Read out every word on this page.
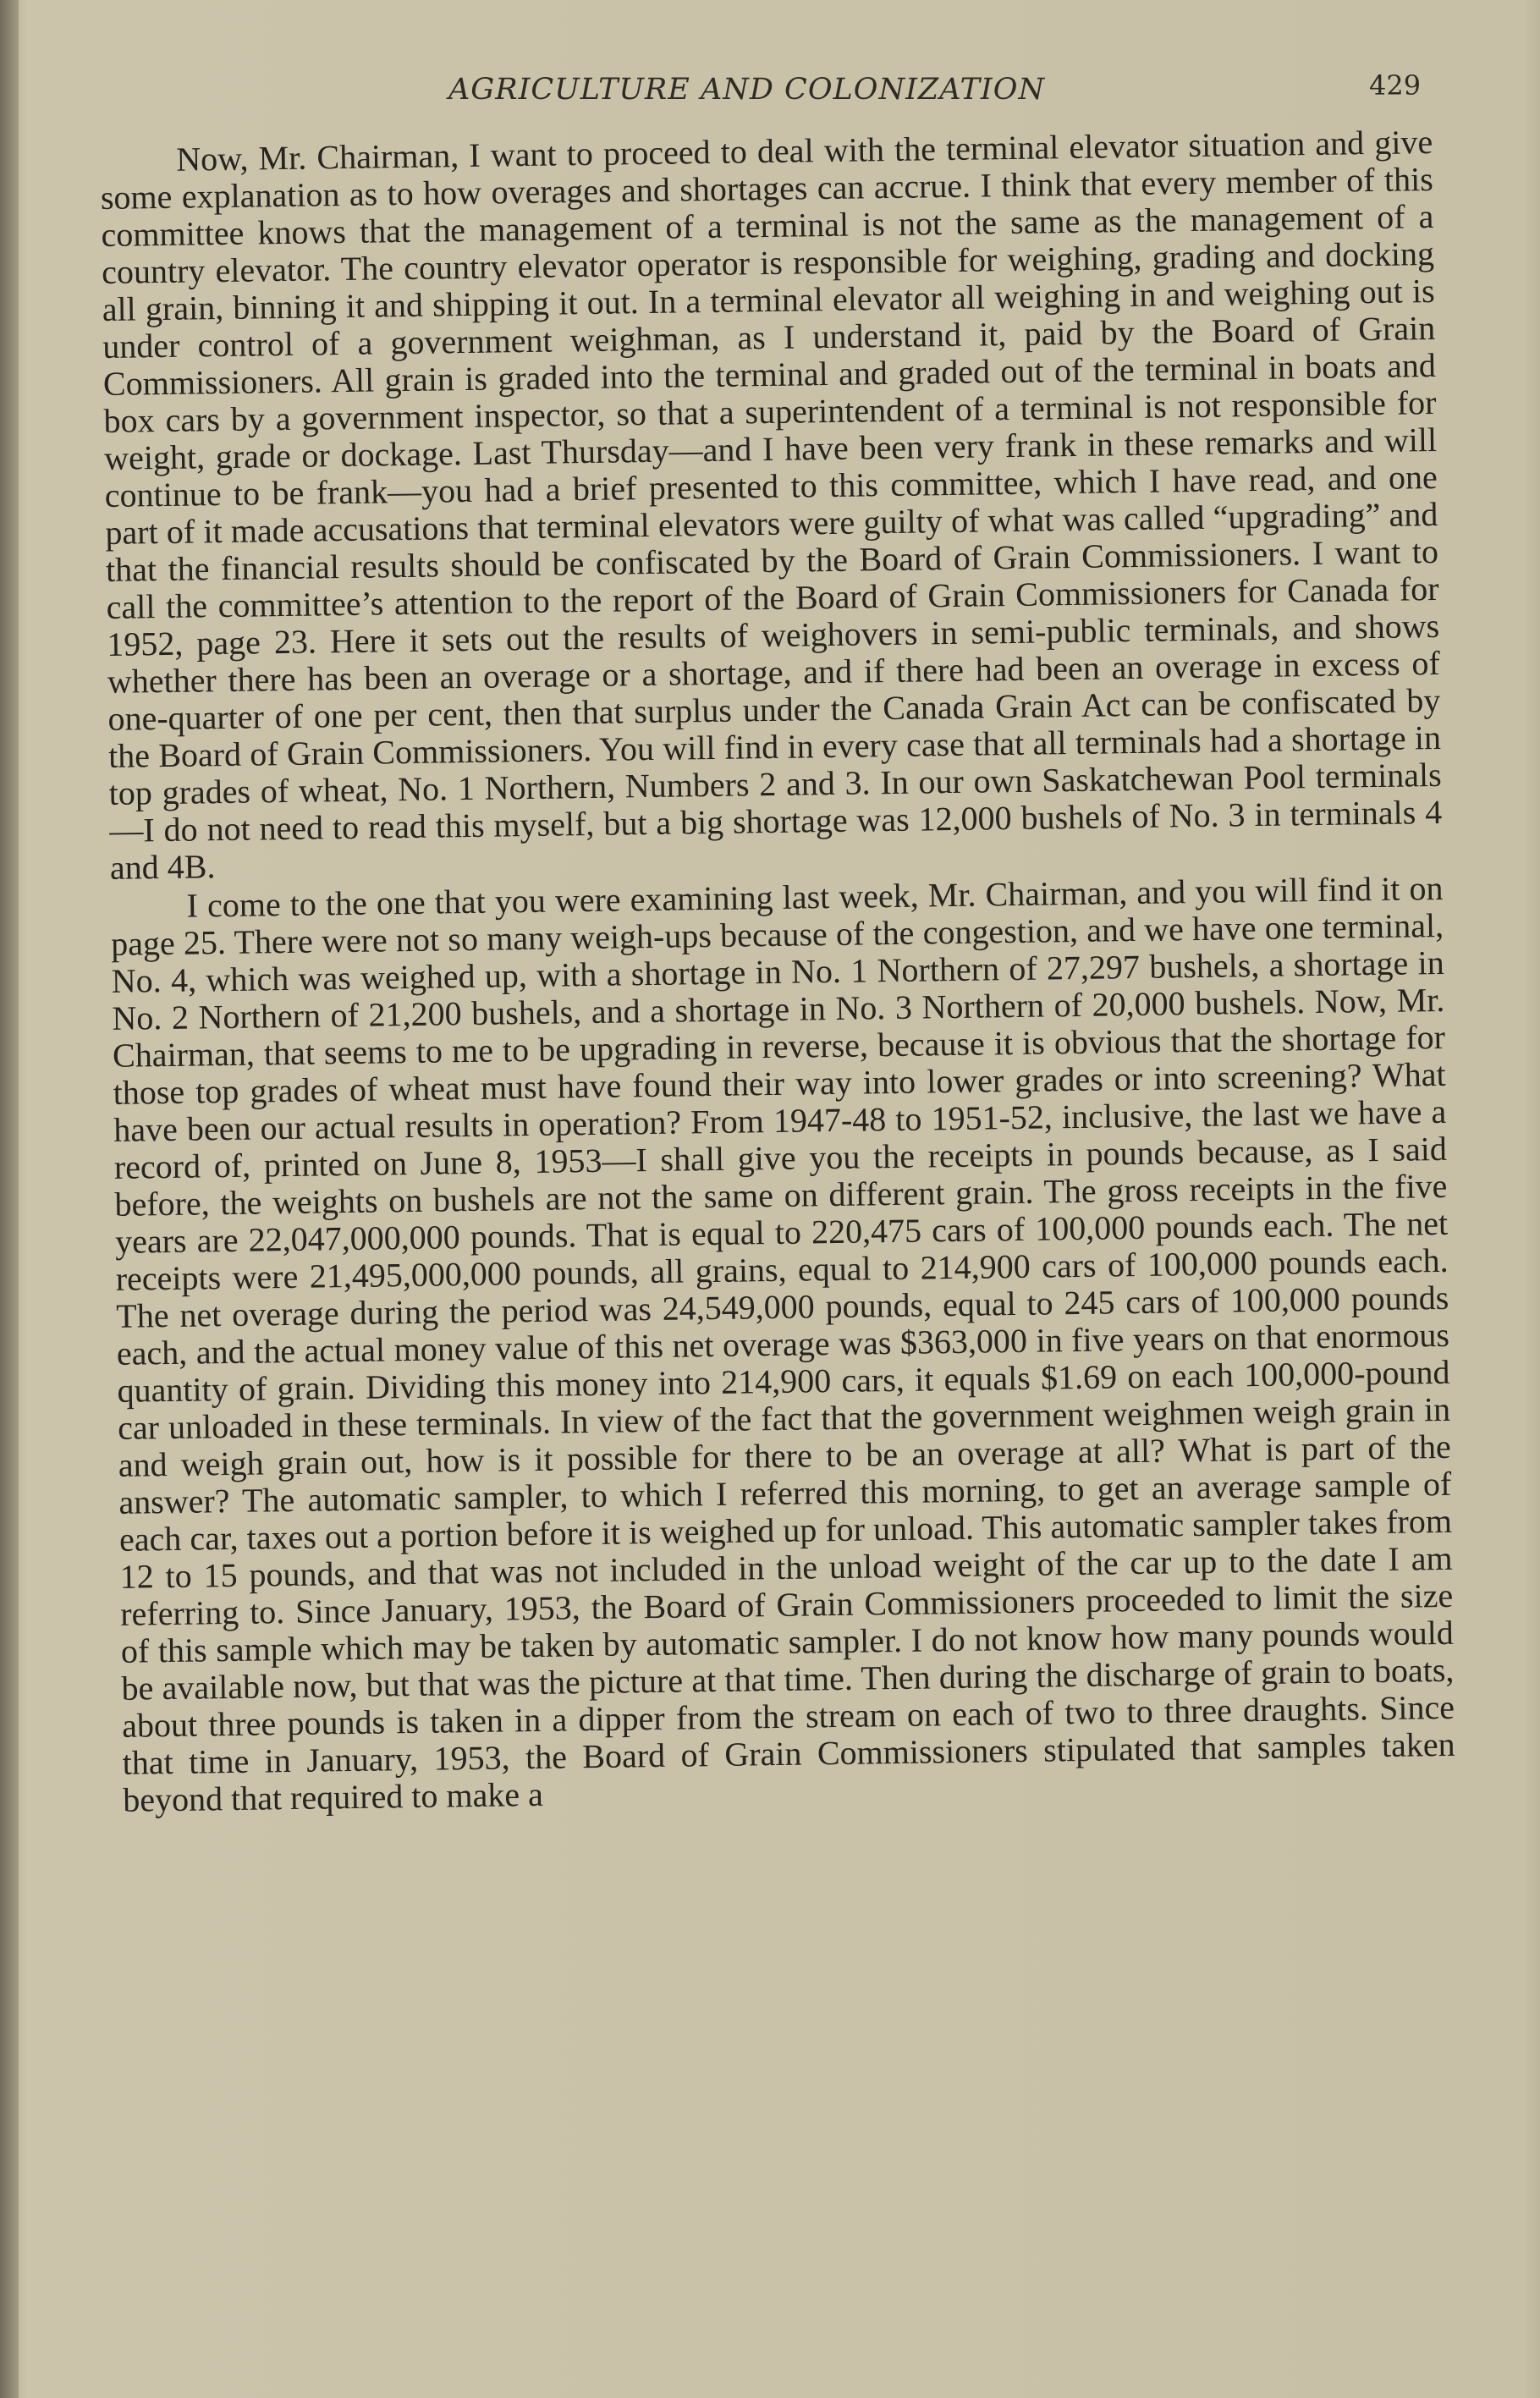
AGRICULTURE AND COLONIZATION	429

Now, Mr. Chairman, I want to proceed to deal with the terminal elevator situation and give some explanation as to how overages and shortages can accrue. I think that every member of this committee knows that the management of a terminal is not the same as the management of a country elevator. The country elevator operator is responsible for weighing, grading and docking all grain, binning it and shipping it out. In a terminal elevator all weighing in and weighing out is under control of a government weighman, as I understand it, paid by the Board of Grain Commissioners. All grain is graded into the terminal and graded out of the terminal in boats and box cars by a government inspector, so that a superintendent of a terminal is not responsible for weight, grade or dockage. Last Thursday—and I have been very frank in these remarks and will continue to be frank—you had a brief presented to this committee, which I have read, and one part of it made accusations that terminal elevators were guilty of what was called “upgrading” and that the financial results should be confiscated by the Board of Grain Commissioners. I want to call the committee’s attention to the report of the Board of Grain Commissioners for Canada for 1952, page 23. Here it sets out the results of weighovers in semi-public terminals, and shows whether there has been an overage or a shortage, and if there had been an overage in excess of one-quarter of one per cent, then that surplus under the Canada Grain Act can be confiscated by the Board of Grain Commissioners. You will find in every case that all terminals had a shortage in top grades of wheat, No. 1 Northern, Numbers 2 and 3. In our own Saskatchewan Pool terminals—I do not need to read this myself, but a big shortage was 12,000 bushels of No. 3 in terminals 4 and 4B.

I come to the one that you were examining last week, Mr. Chairman, and you will find it on page 25. There were not so many weigh-ups because of the congestion, and we have one terminal, No. 4, which was weighed up, with a shortage in No. 1 Northern of 27,297 bushels, a shortage in No. 2 Northern of 21,200 bushels, and a shortage in No. 3 Northern of 20,000 bushels. Now, Mr. Chairman, that seems to me to be upgrading in reverse, because it is obvious that the shortage for those top grades of wheat must have found their way into lower grades or into screening? What have been our actual results in operation? From 1947-48 to 1951-52, inclusive, the last we have a record of, printed on June 8, 1953—I shall give you the receipts in pounds because, as I said before, the weights on bushels are not the same on different grain. The gross receipts in the five years are 22,047,000,000 pounds. That is equal to 220,475 cars of 100,000 pounds each. The net receipts were 21,495,000,000 pounds, all grains, equal to 214,900 cars of 100,000 pounds each. The net overage during the period was 24,549,000 pounds, equal to 245 cars of 100,000 pounds each, and the actual money value of this net overage was $363,000 in five years on that enormous quantity of grain. Dividing this money into 214,900 cars, it equals $1.69 on each 100,000-pound car unloaded in these terminals. In view of the fact that the government weighmen weigh grain in and weigh grain out, how is it possible for there to be an overage at all? What is part of the answer? The automatic sampler, to which I referred this morning, to get an average sample of each car, taxes out a portion before it is weighed up for unload. This automatic sampler takes from 12 to 15 pounds, and that was not included in the unload weight of the car up to the date I am referring to. Since January, 1953, the Board of Grain Commissioners proceeded to limit the size of this sample which may be taken by automatic sampler. I do not know how many pounds would be available now, but that was the picture at that time. Then during the discharge of grain to boats, about three pounds is taken in a dipper from the stream on each of two to three draughts. Since that time in January, 1953, the Board of Grain Commissioners stipulated that samples taken beyond that required to make a
